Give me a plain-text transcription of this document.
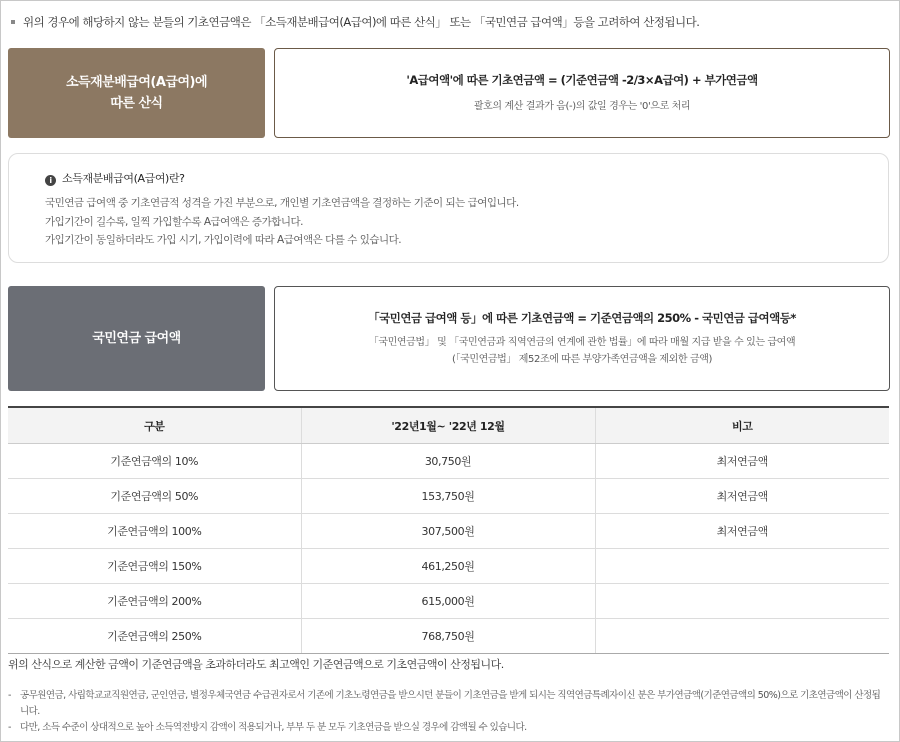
위의 경우에 해당하지 않는 분들의 기초연금액은 「소득재분배급여(A급여)에 따른 산식」 또는 「국민연금 급여액」등을 고려하여 산정됩니다.
소득재분배급여(A급여)에
따른 산식
'A급여액'에 따른 기초연금액 = (기준연금액 -2/3×A급여) + 부가연금액
괄호의 계산 결과가 음(-)의 값일 경우는 '0'으로 처리
i 소득재분배급여(A급여)란?
국민연금 급여액 중 기초연금적 성격을 가진 부분으로, 개인별 기초연금액을 결정하는 기준이 되는 급여입니다.
가입기간이 길수록, 일찍 가입할수록 A급여액은 증가합니다.
가입기간이 동일하더라도 가입 시기, 가입이력에 따라 A급여액은 다를 수 있습니다.
국민연금 급여액
「국민연금 급여액 등」에 따른 기초연금액 = 기준연금액의 250% - 국민연금 급여액등*
「국민연금법」 및 「국민연금과 직역연금의 연계에 관한 법률」에 따라 매월 지급 받을 수 있는 급여액
(「국민연금법」 제52조에 따른 부양가족연금액을 제외한 금액)
구분	'22년1월~ '22년 12월	비고
기준연금액의 10%	30,750원	최저연금액
기준연금액의 50%	153,750원	최저연금액
기준연금액의 100%	307,500원	최저연금액
기준연금액의 150%	461,250원	
기준연금액의 200%	615,000원	
기준연금액의 250%	768,750원	
위의 산식으로 계산한 금액이 기준연금액을 초과하더라도 최고액인 기준연금액으로 기초연금액이 산정됩니다.
- 공무원연금, 사립학교교직원연금, 군인연금, 별정우체국연금 수급권자로서 기존에 기초노령연금을 받으시던 분들이 기초연금을 받게 되시는 직역연금특례자이신 분은 부가연금액(기준연금액의 50%)으로 기초연금액이 산정됩니다.
- 다만, 소득 수준이 상대적으로 높아 소득역전방지 감액이 적용되거나, 부부 두 분 모두 기초연금을 받으실 경우에 감액될 수 있습니다.
